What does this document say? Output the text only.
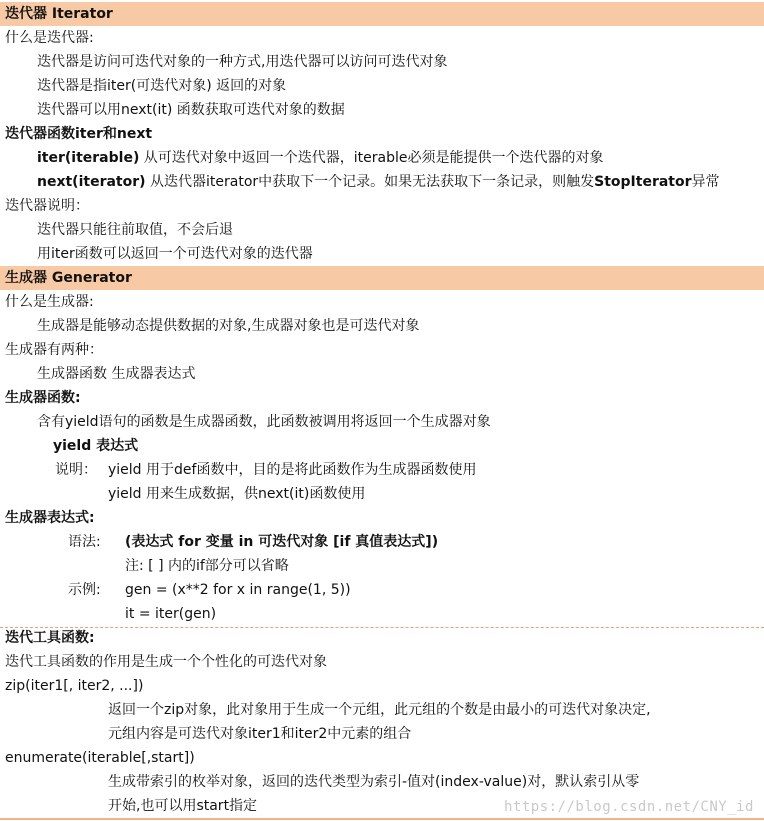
迭代器 Iterator
什么是迭代器:
迭代器是访问可迭代对象的一种方式,用迭代器可以访问可迭代对象
迭代器是指iter(可迭代对象) 返回的对象
迭代器可以用next(it) 函数获取可迭代对象的数据
迭代器函数iter和next
iter(iterable) 从可迭代对象中返回一个迭代器，iterable必须是能提供一个迭代器的对象
next(iterator) 从迭代器iterator中获取下一个记录。如果无法获取下一条记录，则触发StopIterator异常
迭代器说明：
迭代器只能往前取值，不会后退
用iter函数可以返回一个可迭代对象的迭代器
生成器 Generator
什么是生成器:
生成器是能够动态提供数据的对象,生成器对象也是可迭代对象
生成器有两种：
生成器函数 生成器表达式
生成器函数:
含有yield语句的函数是生成器函数，此函数被调用将返回一个生成器对象
yield 表达式
说明： yield 用于def函数中，目的是将此函数作为生成器函数使用
yield 用来生成数据，供next(it)函数使用
生成器表达式:
语法: (表达式 for 变量 in 可迭代对象 [if 真值表达式])
注: [ ] 内的if部分可以省略
示例: gen = (x**2 for x in range(1, 5))
it = iter(gen)
迭代工具函数:
迭代工具函数的作用是生成一个个性化的可迭代对象
zip(iter1[, iter2, ...])
返回一个zip对象，此对象用于生成一个元组，此元组的个数是由最小的可迭代对象决定,
元组内容是可迭代对象iter1和iter2中元素的组合
enumerate(iterable[,start])
生成带索引的枚举对象，返回的迭代类型为索引-值对(index-value)对，默认索引从零
开始,也可以用start指定	https://blog.csdn.net/CNY_id
